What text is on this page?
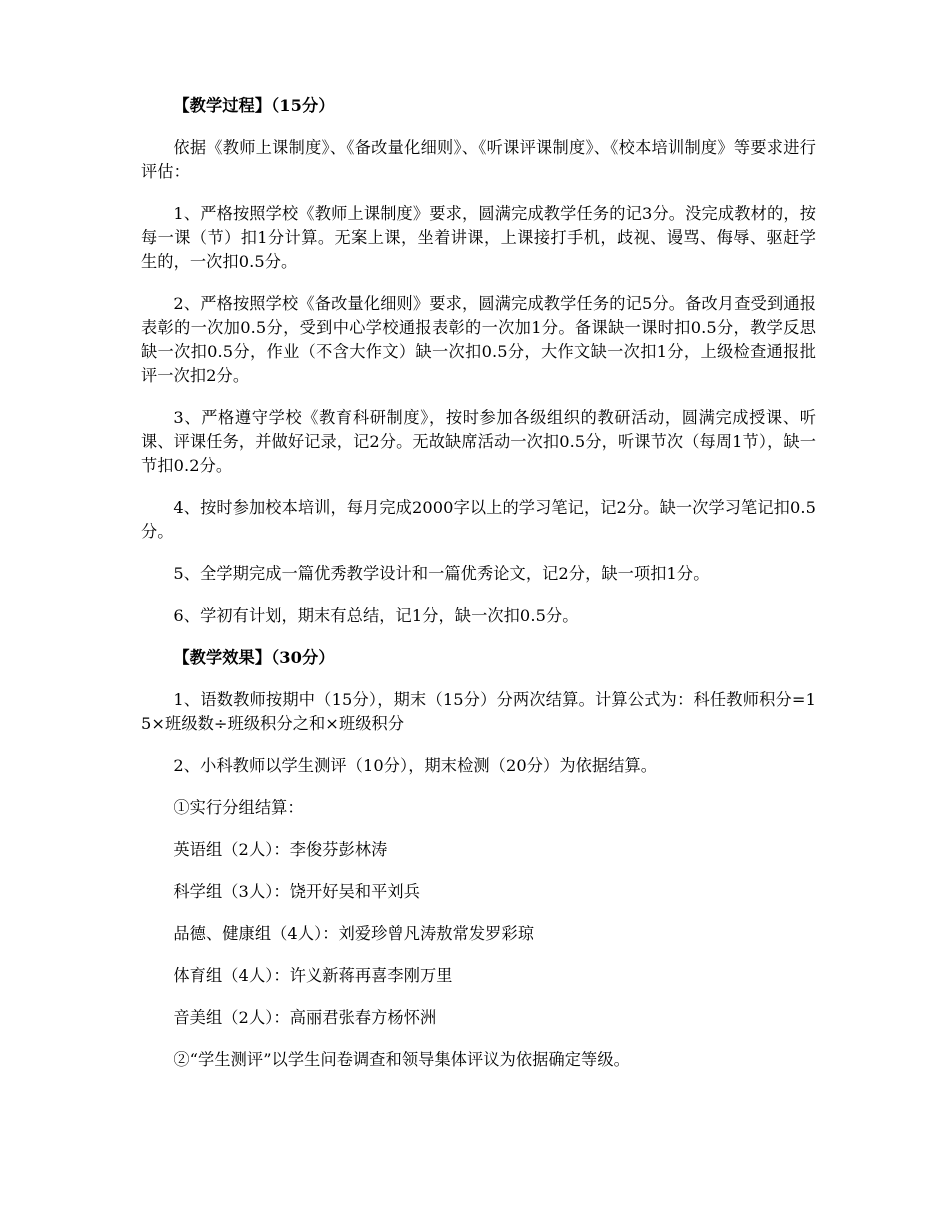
【教学过程】（15分）

依据《教师上课制度》、《备改量化细则》、《听课评课制度》、《校本培训制度》等要求进行评估：

1、严格按照学校《教师上课制度》要求，圆满完成教学任务的记3分。没完成教材的，按每一课（节）扣1分计算。无案上课，坐着讲课，上课接打手机，歧视、谩骂、侮辱、驱赶学生的，一次扣0.5分。

2、严格按照学校《备改量化细则》要求，圆满完成教学任务的记5分。备改月查受到通报表彰的一次加0.5分，受到中心学校通报表彰的一次加1分。备课缺一课时扣0.5分，教学反思缺一次扣0.5分，作业（不含大作文）缺一次扣0.5分，大作文缺一次扣1分，上级检查通报批评一次扣2分。

3、严格遵守学校《教育科研制度》，按时参加各级组织的教研活动，圆满完成授课、听课、评课任务，并做好记录，记2分。无故缺席活动一次扣0.5分，听课节次（每周1节），缺一节扣0.2分。

4、按时参加校本培训，每月完成2000字以上的学习笔记，记2分。缺一次学习笔记扣0.5分。

5、全学期完成一篇优秀教学设计和一篇优秀论文，记2分，缺一项扣1分。

6、学初有计划，期末有总结，记1分，缺一次扣0.5分。

【教学效果】（30分）

1、语数教师按期中（15分），期末（15分）分两次结算。计算公式为：科任教师积分=15×班级数÷班级积分之和×班级积分

2、小科教师以学生测评（10分），期末检测（20分）为依据结算。

①实行分组结算：

英语组（2人）：李俊芬彭林涛

科学组（3人）：饶开好吴和平刘兵

品德、健康组（4人）：刘爱珍曾凡涛敖常发罗彩琼

体育组（4人）：许义新蒋再喜李刚万里

音美组（2人）：高丽君张春方杨怀洲

②“学生测评”以学生问卷调查和领导集体评议为依据确定等级。
